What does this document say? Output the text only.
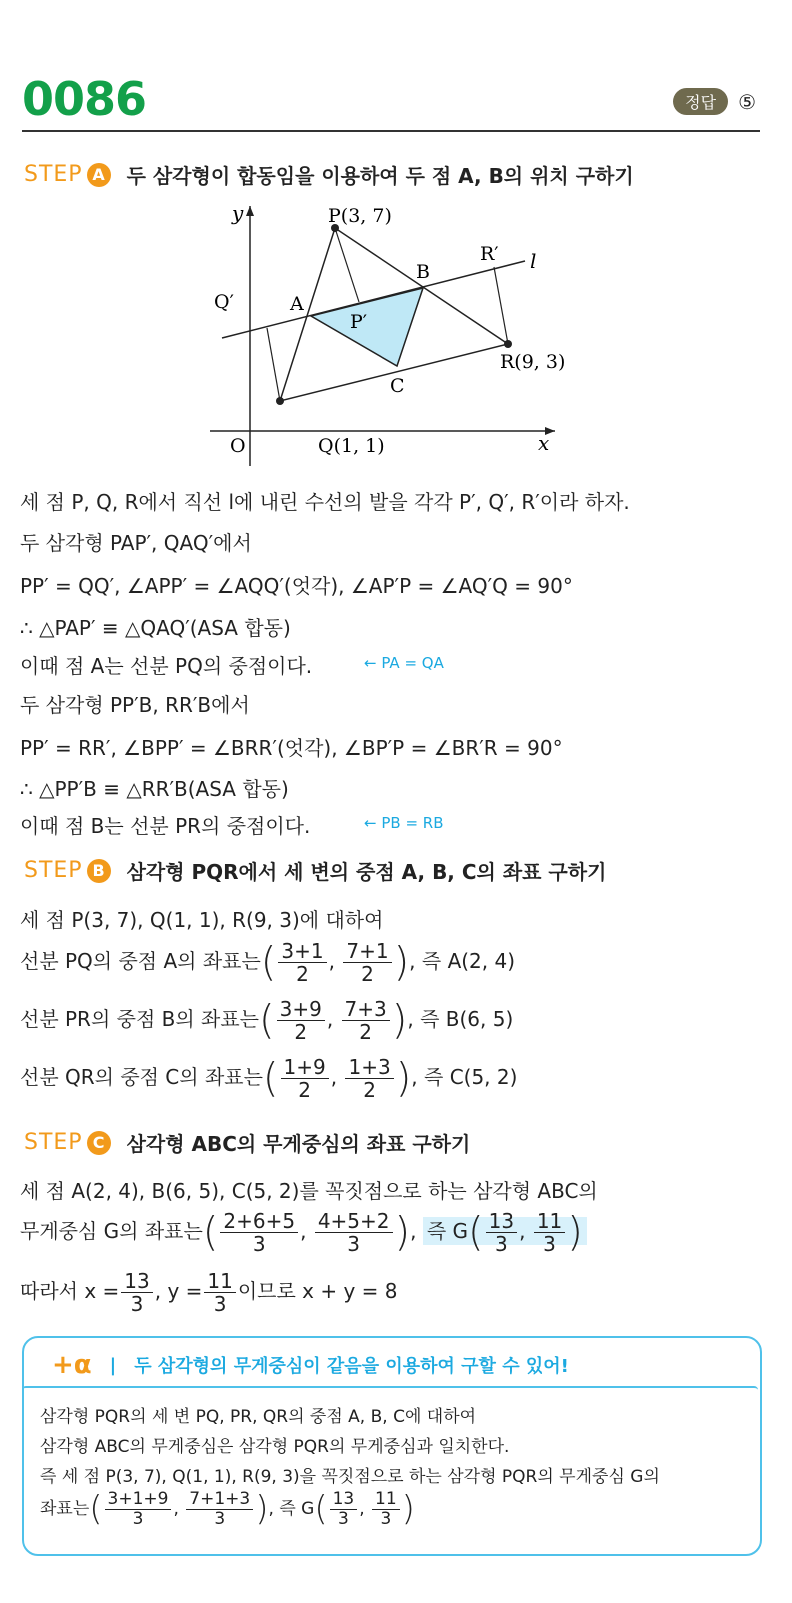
0086	정답	⑤
STEP A 두 삼각형이 합동임을 이용하여 두 점 A, B의 위치 구하기
P(3, 7)
Q(1, 1)
R(9, 3)
A
B
C
P′
Q′
R′ l
O	x
y
세 점 P, Q, R에서 직선 l에 내린 수선의 발을 각각 P′, Q′, R′이라 하자.
두 삼각형 PAP′, QAQ′에서
PP′ = QQ′, ∠APP′ = ∠AQQ′(엇각), ∠AP′P = ∠AQ′Q = 90°
∴ △PAP′ ≡ △QAQ′(ASA 합동)
이때 점 A는 선분 PQ의 중점이다.	← PA = QA
두 삼각형 PP′B, RR′B에서
PP′ = RR′, ∠BPP′ = ∠BRR′(엇각), ∠BP′P = ∠BR′R = 90°
∴ △PP′B ≡ △RR′B(ASA 합동)
이때 점 B는 선분 PR의 중점이다.	← PB = RB
STEP B 삼각형 PQR에서 세 변의 중점 A, B, C의 좌표 구하기
세 점 P(3, 7), Q(1, 1), R(9, 3)에 대하여
선분 PQ의 중점 A의 좌표는( $\frac{3+1}{2}$ , $\frac{7+1}{2}$ ), 즉 A(2, 4)
선분 PR의 중점 B의 좌표는( $\frac{3+9}{2}$ , $\frac{7+3}{2}$ ), 즉 B(6, 5)
선분 QR의 중점 C의 좌표는( $\frac{1+9}{2}$ , $\frac{1+3}{2}$ ), 즉 C(5, 2)
STEP C	삼각형 ABC의 무게중심의 좌표 구하기
세 점 A(2, 4), B(6, 5), C(5, 2)를 꼭짓점으로 하는 삼각형 ABC의
무게중심 G의 좌표는( $\frac{2+6+5}{3}$ , $\frac{4+5+2}{3}$ ), 즉 $G( \frac{13}{3}$ , $\frac{11}{3}$ )
따라서 $x = \frac{13}{3}$ , $y = \frac{11}{3}$ 이므로 x + y = 8
+α | 두 삼각형의 무게중심이 같음을 이용하여 구할 수 있어!
삼각형 PQR의 세 변 PQ, PR, QR의 중점 A, B, C에 대하여
삼각형 ABC의 무게중심은 삼각형 PQR의 무게중심과 일치한다.
즉 세 점 P(3, 7), Q(1, 1), R(9, 3)을 꼭짓점으로 하는 삼각형 PQR의 무게중심 G의
좌표는( $\frac{3+1+9}{3}$ , $\frac{7+1+3}{3}$ ), 즉 $G( \frac{13}{3}$ , $\frac{11}{3}$ )
